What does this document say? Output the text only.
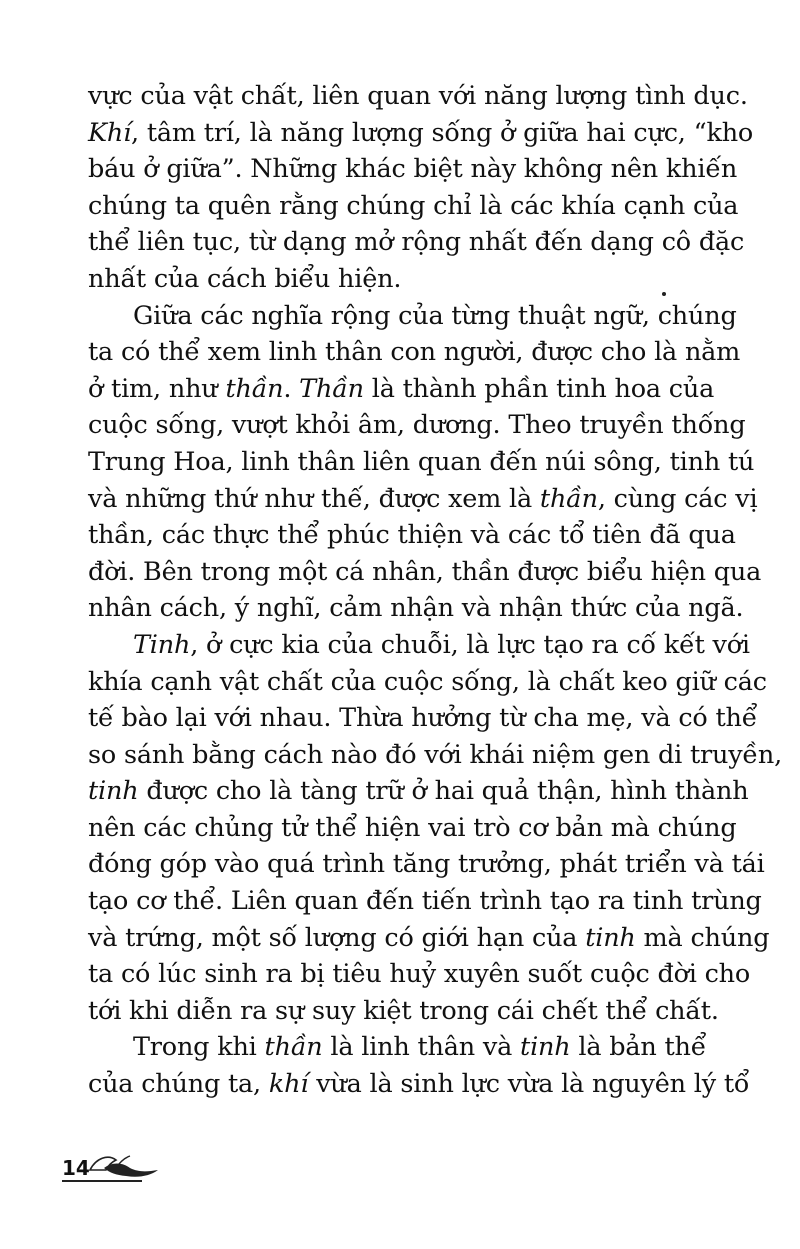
vực của vật chất, liên quan với năng lượng tình dục.
Khí, tâm trí, là năng lượng sống ở giữa hai cực, “kho
báu ở giữa”. Những khác biệt này không nên khiến
chúng ta quên rằng chúng chỉ là các khía cạnh của
thể liên tục, từ dạng mở rộng nhất đến dạng cô đặc
nhất của cách biểu hiện.
Giữa các nghĩa rộng của từng thuật ngữ, chúng
ta có thể xem linh thân con người, được cho là nằm
ở tim, như thần. Thần là thành phần tinh hoa của
cuộc sống, vượt khỏi âm, dương. Theo truyền thống
Trung Hoa, linh thân liên quan đến núi sông, tinh tú
và những thứ như thế, được xem là thần, cùng các vị
thần, các thực thể phúc thiện và các tổ tiên đã qua
đời. Bên trong một cá nhân, thần được biểu hiện qua
nhân cách, ý nghĩ, cảm nhận và nhận thức của ngã.
Tinh, ở cực kia của chuỗi, là lực tạo ra cố kết với
khía cạnh vật chất của cuộc sống, là chất keo giữ các
tế bào lại với nhau. Thừa hưởng từ cha mẹ, và có thể
so sánh bằng cách nào đó với khái niệm gen di truyền,
tinh được cho là tàng trữ ở hai quả thận, hình thành
nên các chủng tử thể hiện vai trò cơ bản mà chúng
đóng góp vào quá trình tăng trưởng, phát triển và tái
tạo cơ thể. Liên quan đến tiến trình tạo ra tinh trùng
và trứng, một số lượng có giới hạn của tinh mà chúng
ta có lúc sinh ra bị tiêu huỷ xuyên suốt cuộc đời cho
tới khi diễn ra sự suy kiệt trong cái chết thể chất.
Trong khi thần là linh thân và tinh là bản thể
của chúng ta, khí vừa là sinh lực vừa là nguyên lý tổ
14
